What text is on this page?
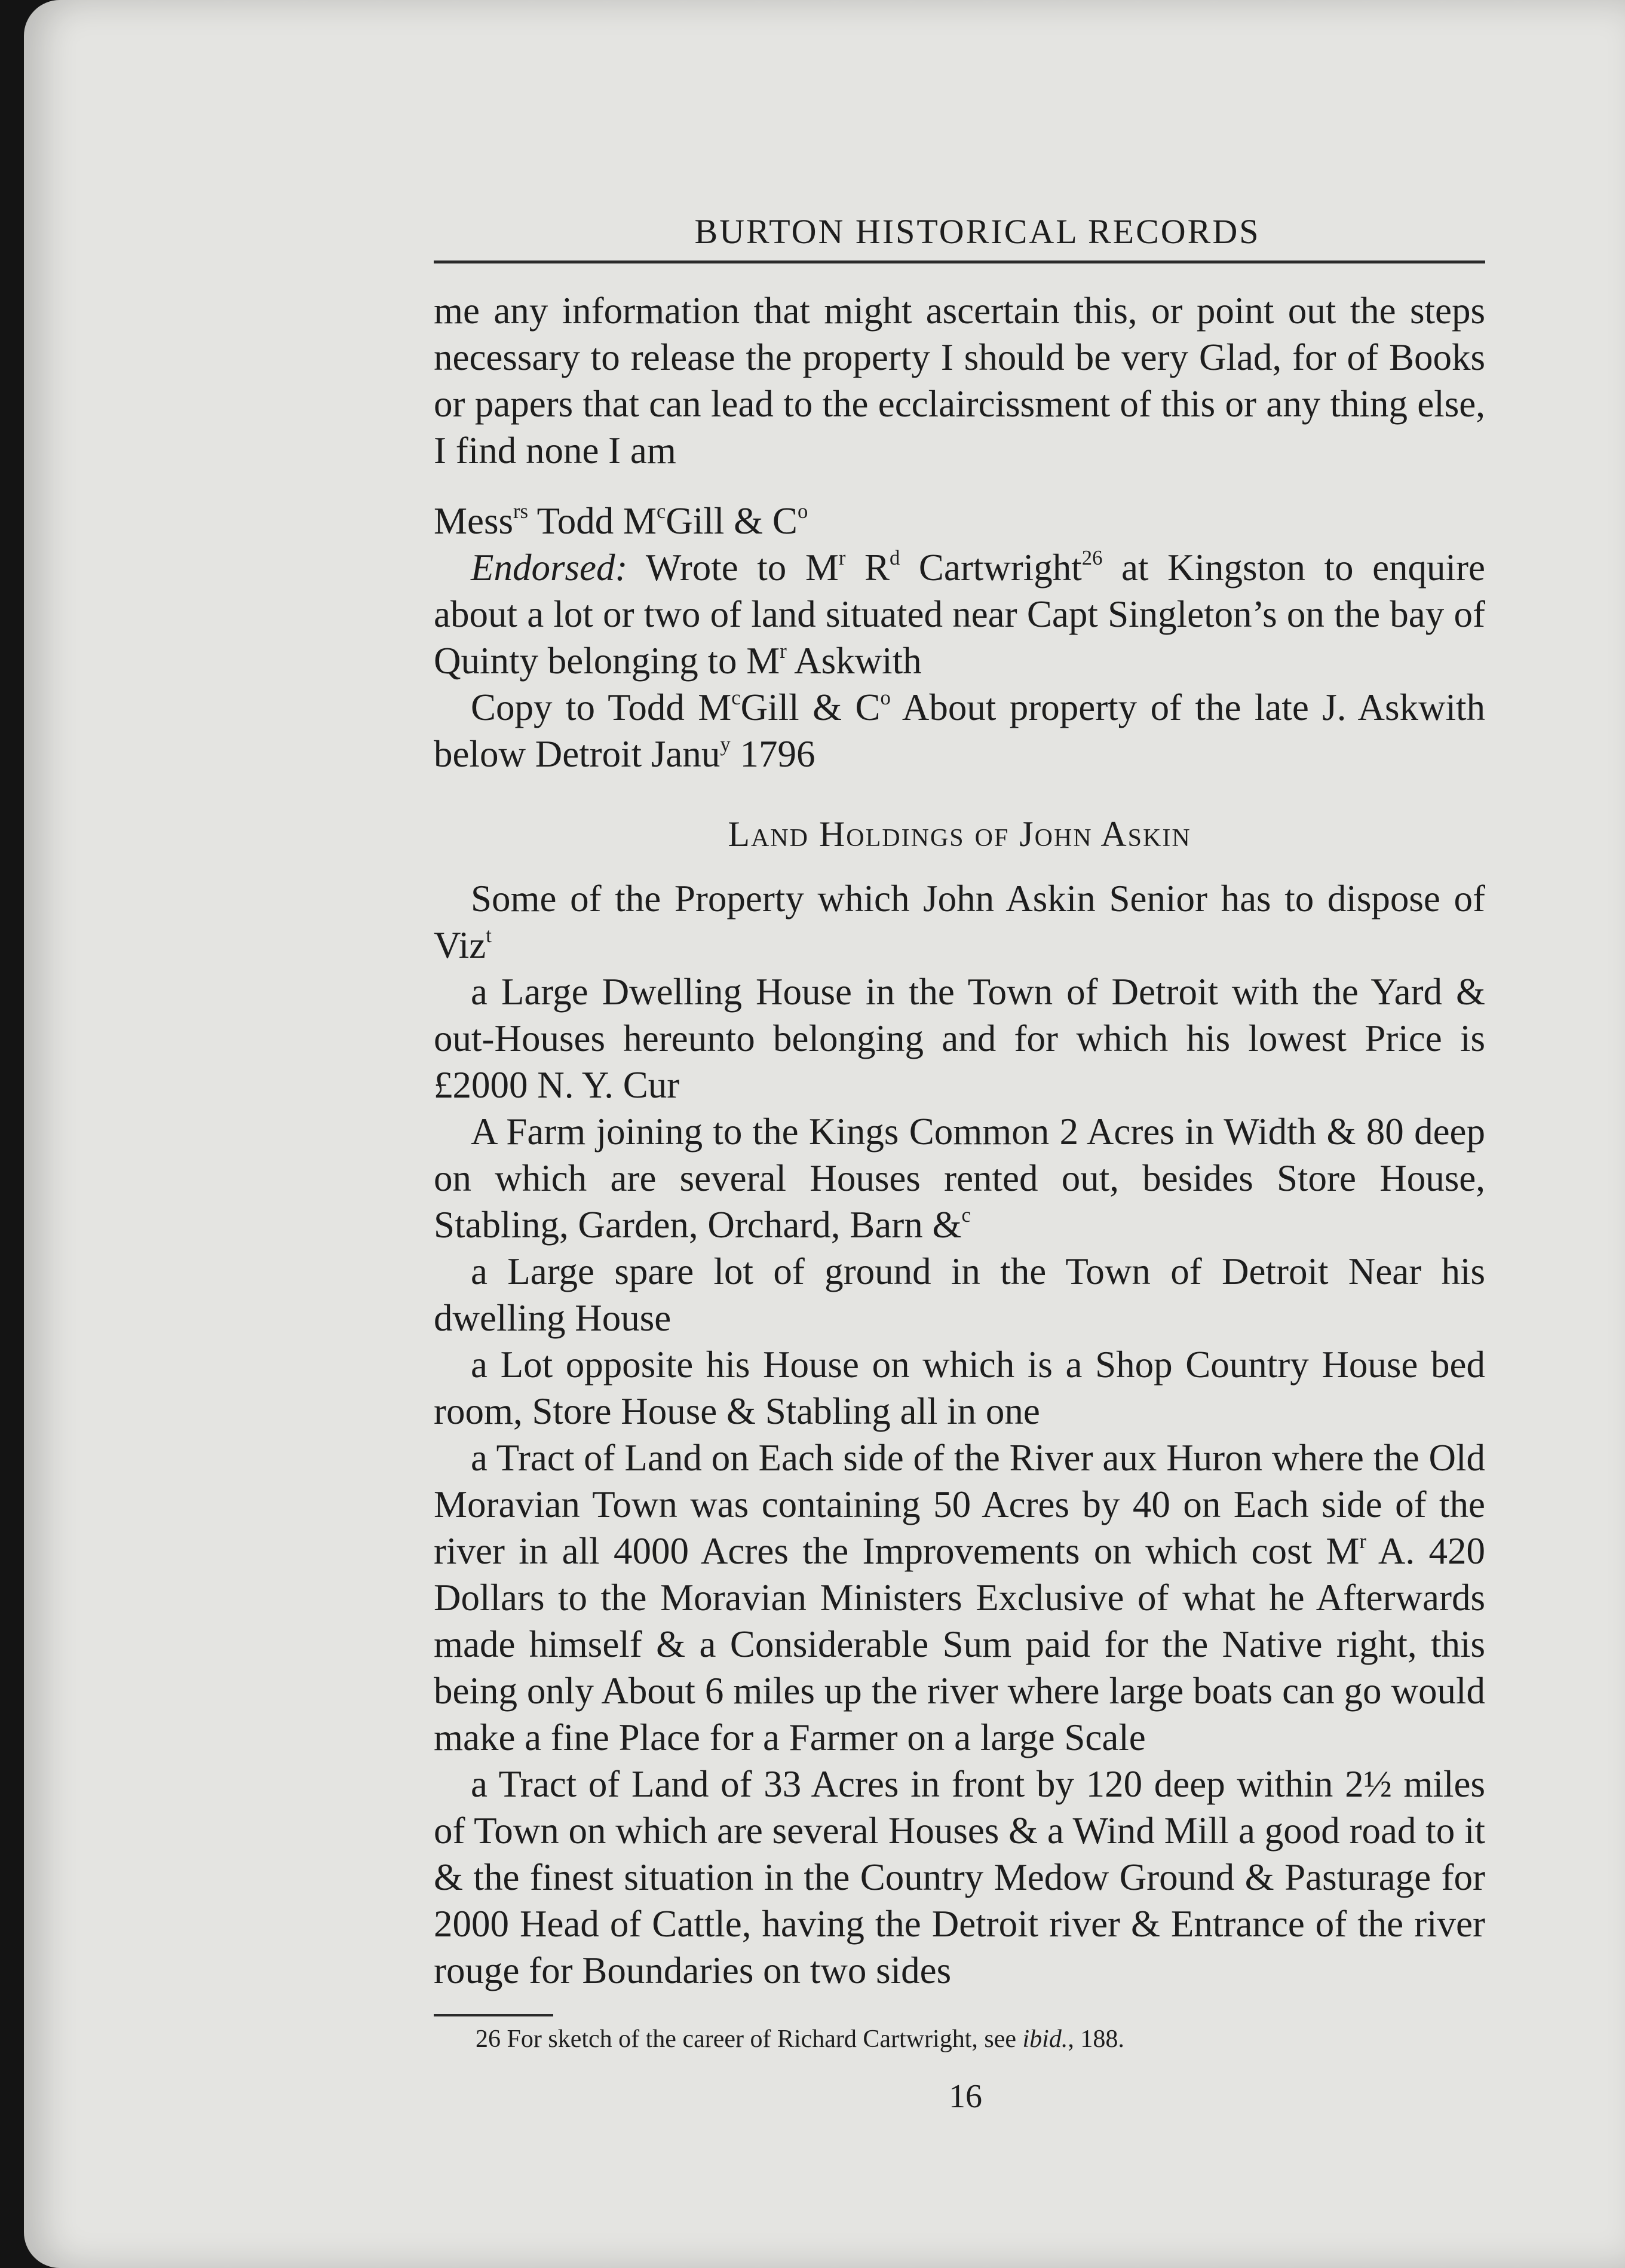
BURTON HISTORICAL RECORDS

me any information that might ascertain this, or point out the steps necessary to release the property I should be very Glad, for of Books or papers that can lead to the ecclaircissment of this or any thing else, I find none I am

Mess$^{rs}$ Todd $M^cGill$ & $C^o$

Endorsed: Wrote to $M^r$ $R^d$ Cartwright$^{26}$ at Kingston to enquire about a lot or two of land situated near Capt Singleton’s on the bay of Quinty belonging to $M^r$ Askwith

Copy to Todd $M^cGill$ & $C^o$ About property of the late J. Askwith below Detroit Janu$^y$ 1796

Land Holdings of John Askin

Some of the Property which John Askin Senior has to dispose of Viz$^t$

a Large Dwelling House in the Town of Detroit with the Yard & out-Houses hereunto belonging and for which his lowest Price is £2000 N. Y. Cur

A Farm joining to the Kings Common 2 Acres in Width & 80 deep on which are several Houses rented out, besides Store House, Stabling, Garden, Orchard, Barn &$^c$

a Large spare lot of ground in the Town of Detroit Near his dwelling House

a Lot opposite his House on which is a Shop Country House bed room, Store House & Stabling all in one

a Tract of Land on Each side of the River aux Huron where the Old Moravian Town was containing 50 Acres by 40 on Each side of the river in all 4000 Acres the Improvements on which cost $M^r$ A. 420 Dollars to the Moravian Ministers Exclusive of what he Afterwards made himself & a Considerable Sum paid for the Native right, this being only About 6 miles up the river where large boats can go would make a fine Place for a Farmer on a large Scale

a Tract of Land of 33 Acres in front by 120 deep within 2½ miles of Town on which are several Houses & a Wind Mill a good road to it & the finest situation in the Country Medow Ground & Pasturage for 2000 Head of Cattle, having the Detroit river & Entrance of the river rouge for Boundaries on two sides

26 For sketch of the career of Richard Cartwright, see ibid., 188.
16
